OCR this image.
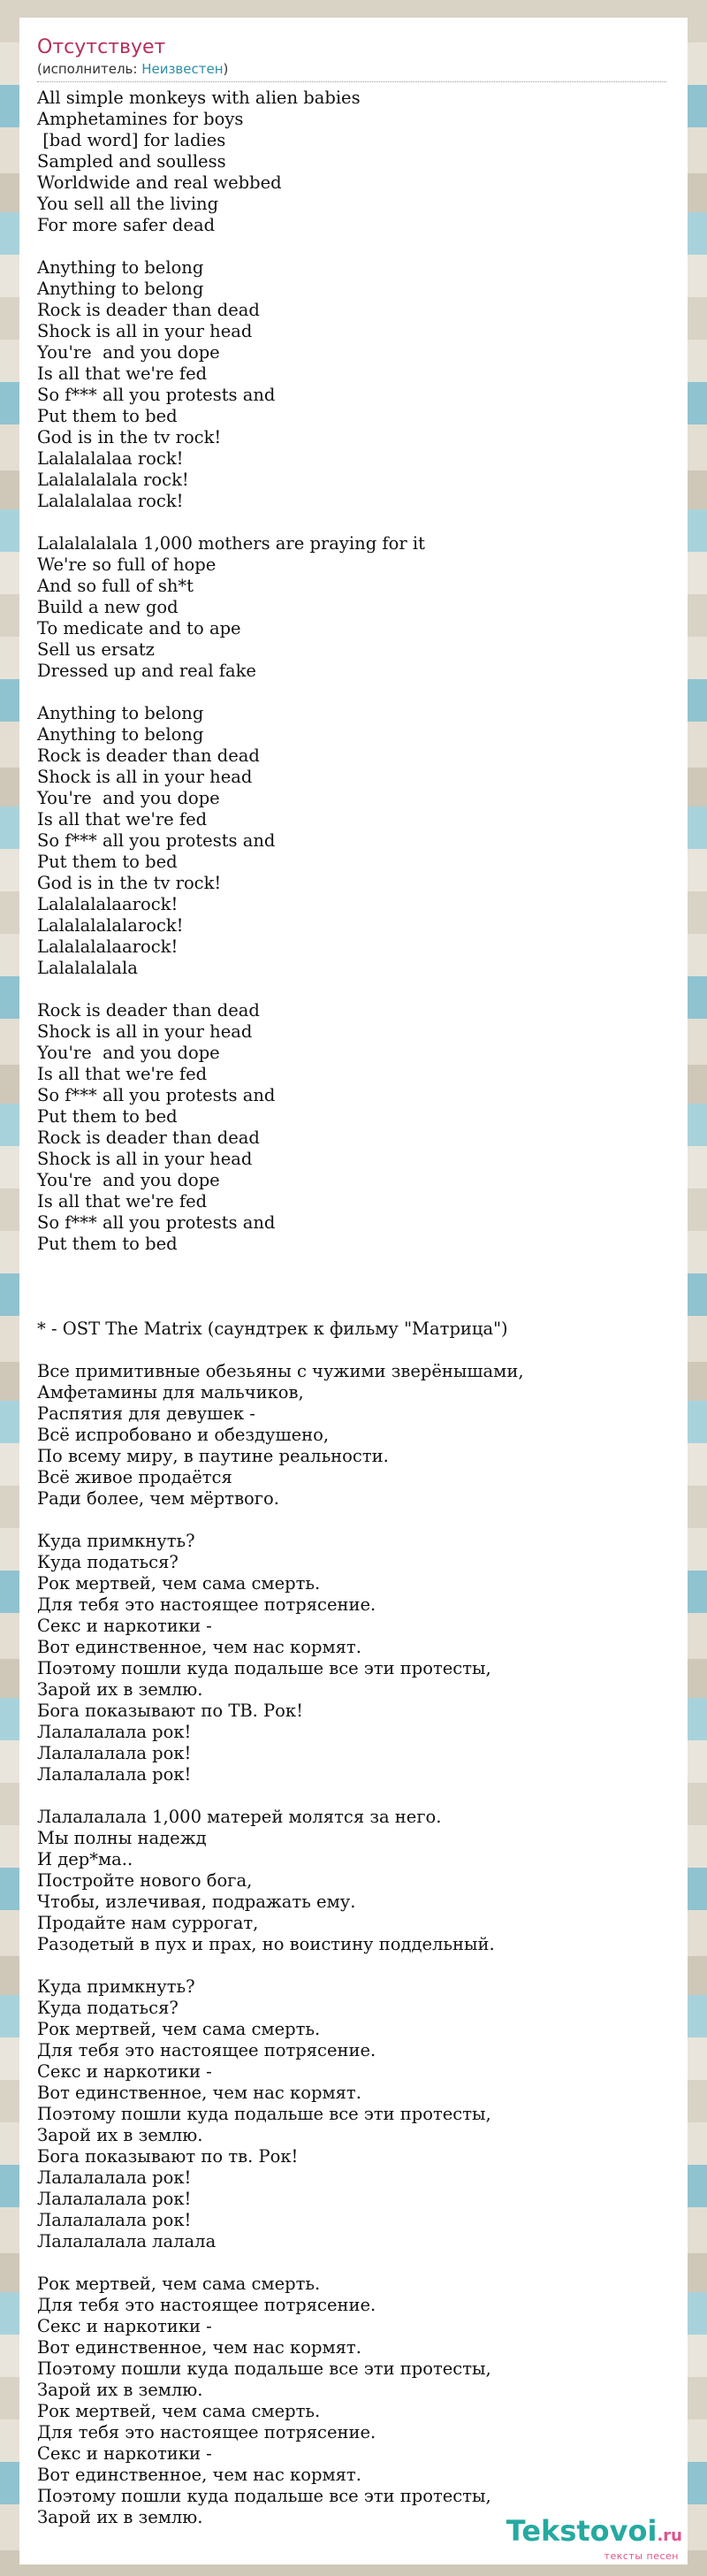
Отсутствует
(исполнитель: Неизвестен)
All simple monkeys with alien babies
Amphetamines for boys
[bad word] for ladies
Sampled and soulless
Worldwide and real webbed
You sell all the living
For more safer dead
Anything to belong
Anything to belong
Rock is deader than dead
Shock is all in your head
You're  and you dope
Is all that we're fed
So f*** all you protests and
Put them to bed
God is in the tv rock!
Lalalalalaa rock!
Lalalalalala rock!
Lalalalalaa rock!
Lalalalalala 1,000 mothers are praying for it
We're so full of hope
And so full of sh*t
Build a new god
To medicate and to ape
Sell us ersatz
Dressed up and real fake
Anything to belong
Anything to belong
Rock is deader than dead
Shock is all in your head
You're  and you dope
Is all that we're fed
So f*** all you protests and
Put them to bed
God is in the tv rock!
Lalalalalaarock!
Lalalalalalarock!
Lalalalalaarock!
Lalalalalala
Rock is deader than dead
Shock is all in your head
You're  and you dope
Is all that we're fed
So f*** all you protests and
Put them to bed
Rock is deader than dead
Shock is all in your head
You're  and you dope
Is all that we're fed
So f*** all you protests and
Put them to bed
* - OST The Matrix (саундтрек к фильму "Матрица")
Все примитивные обезьяны с чужими зверёнышами,
Амфетамины для мальчиков,
Распятия для девушек -
Всё испробовано и обездушено,
По всему миру, в паутине реальности.
Всё живое продаётся
Ради более, чем мёртвого.
Куда примкнуть?
Куда податься?
Рок мертвей, чем сама смерть.
Для тебя это настоящее потрясение.
Секс и наркотики -
Вот единственное, чем нас кормят.
Поэтому пошли куда подальше все эти протесты,
Зарой их в землю.
Бога показывают по ТВ. Рок!
Лалалалала рок!
Лалалалала рок!
Лалалалала рок!
Лалалалала 1,000 матерей молятся за него.
Мы полны надежд
И дер*ма..
Постройте нового бога,
Чтобы, излечивая, подражать ему.
Продайте нам суррогат,
Разодетый в пух и прах, но воистину поддельный.
Куда примкнуть?
Куда податься?
Рок мертвей, чем сама смерть.
Для тебя это настоящее потрясение.
Секс и наркотики -
Вот единственное, чем нас кормят.
Поэтому пошли куда подальше все эти протесты,
Зарой их в землю.
Бога показывают по тв. Рок!
Лалалалала рок!
Лалалалала рок!
Лалалалала рок!
Лалалалала лалала
Рок мертвей, чем сама смерть.
Для тебя это настоящее потрясение.
Секс и наркотики -
Вот единственное, чем нас кормят.
Поэтому пошли куда подальше все эти протесты,
Зарой их в землю.
Рок мертвей, чем сама смерть.
Для тебя это настоящее потрясение.
Секс и наркотики -
Вот единственное, чем нас кормят.
Поэтому пошли куда подальше все эти протесты,
Зарой их в землю.	Tekstovoi.ru
тексты песен
